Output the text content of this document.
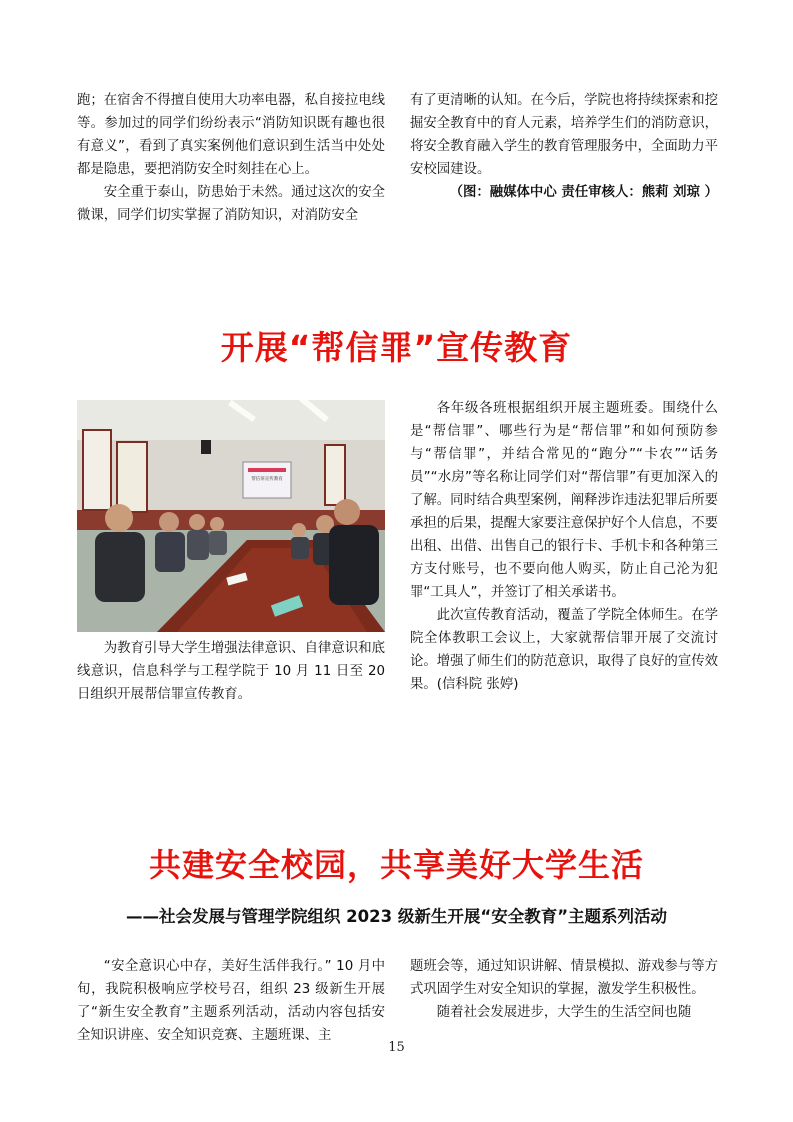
跑；在宿舍不得擅自使用大功率电器，私自接拉电线等。参加过的同学们纷纷表示“消防知识既有趣也很有意义”，看到了真实案例他们意识到生活当中处处都是隐患，要把消防安全时刻挂在心上。

安全重于泰山，防患始于未然。通过这次的安全微课，同学们切实掌握了消防知识，对消防安全

有了更清晰的认知。在今后，学院也将持续探索和挖掘安全教育中的育人元素，培养学生们的消防意识，将安全教育融入学生的教育管理服务中，全面助力平安校园建设。

（图：融媒体中心 责任审核人：熊莉 刘琼 ）

开展“帮信罪”宣传教育
帮信罪宣传教育

为教育引导大学生增强法律意识、自律意识和底线意识，信息科学与工程学院于 10 月 11 日至 20 日组织开展帮信罪宣传教育。

各年级各班根据组织开展主题班委。围绕什么是“帮信罪”、哪些行为是“帮信罪”和如何预防参与“帮信罪”，并结合常见的“跑分”“卡农”“话务员”“水房”等名称让同学们对“帮信罪”有更加深入的了解。同时结合典型案例，阐释涉诈违法犯罪后所要承担的后果，提醒大家要注意保护好个人信息，不要出租、出借、出售自己的银行卡、手机卡和各种第三方支付账号，也不要向他人购买，防止自己沦为犯罪“工具人”，并签订了相关承诺书。

此次宣传教育活动，覆盖了学院全体师生。在学院全体教职工会议上，大家就帮信罪开展了交流讨论。增强了师生们的防范意识，取得了良好的宣传效果。(信科院 张婷)

共建安全校园，共享美好大学生活
——社会发展与管理学院组织 2023 级新生开展“安全教育”主题系列活动

“安全意识心中存，美好生活伴我行。” 10 月中旬，我院积极响应学校号召，组织 23 级新生开展了“新生安全教育”主题系列活动，活动内容包括安全知识讲座、安全知识竞赛、主题班课、主

题班会等，通过知识讲解、情景模拟、游戏参与等方式巩固学生对安全知识的掌握，激发学生积极性。

随着社会发展进步，大学生的生活空间也随

15
